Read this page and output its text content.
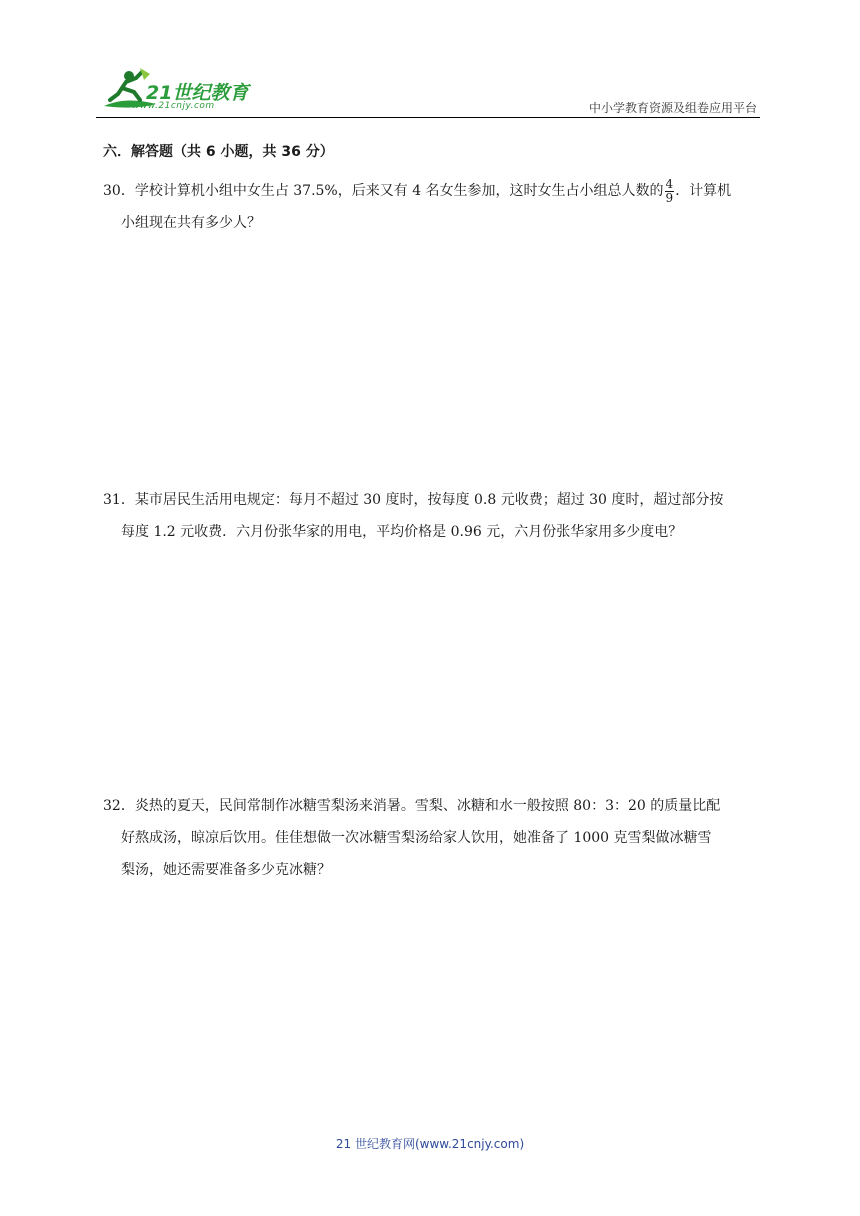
21世纪教育
www.21cnjy.com	中小学教育资源及组卷应用平台
六．解答题（共 6 小题，共 36 分）
30．学校计算机小组中女生占 37.5%，后来又有 4 名女生参加，这时女生占小组总人数的 $\frac{4}{9}$ ．计算机
小组现在共有多少人？
31．某市居民生活用电规定：每月不超过 30 度时，按每度 0.8 元收费；超过 30 度时，超过部分按
每度 1.2 元收费．六月份张华家的用电，平均价格是 0.96 元，六月份张华家用多少度电？
32．炎热的夏天，民间常制作冰糖雪梨汤来消暑。雪梨、冰糖和水一般按照 80：3：20 的质量比配
好熬成汤，晾凉后饮用。佳佳想做一次冰糖雪梨汤给家人饮用，她准备了 1000 克雪梨做冰糖雪
梨汤，她还需要准备多少克冰糖？
21 世纪教育网(www.21cnjy.com)
